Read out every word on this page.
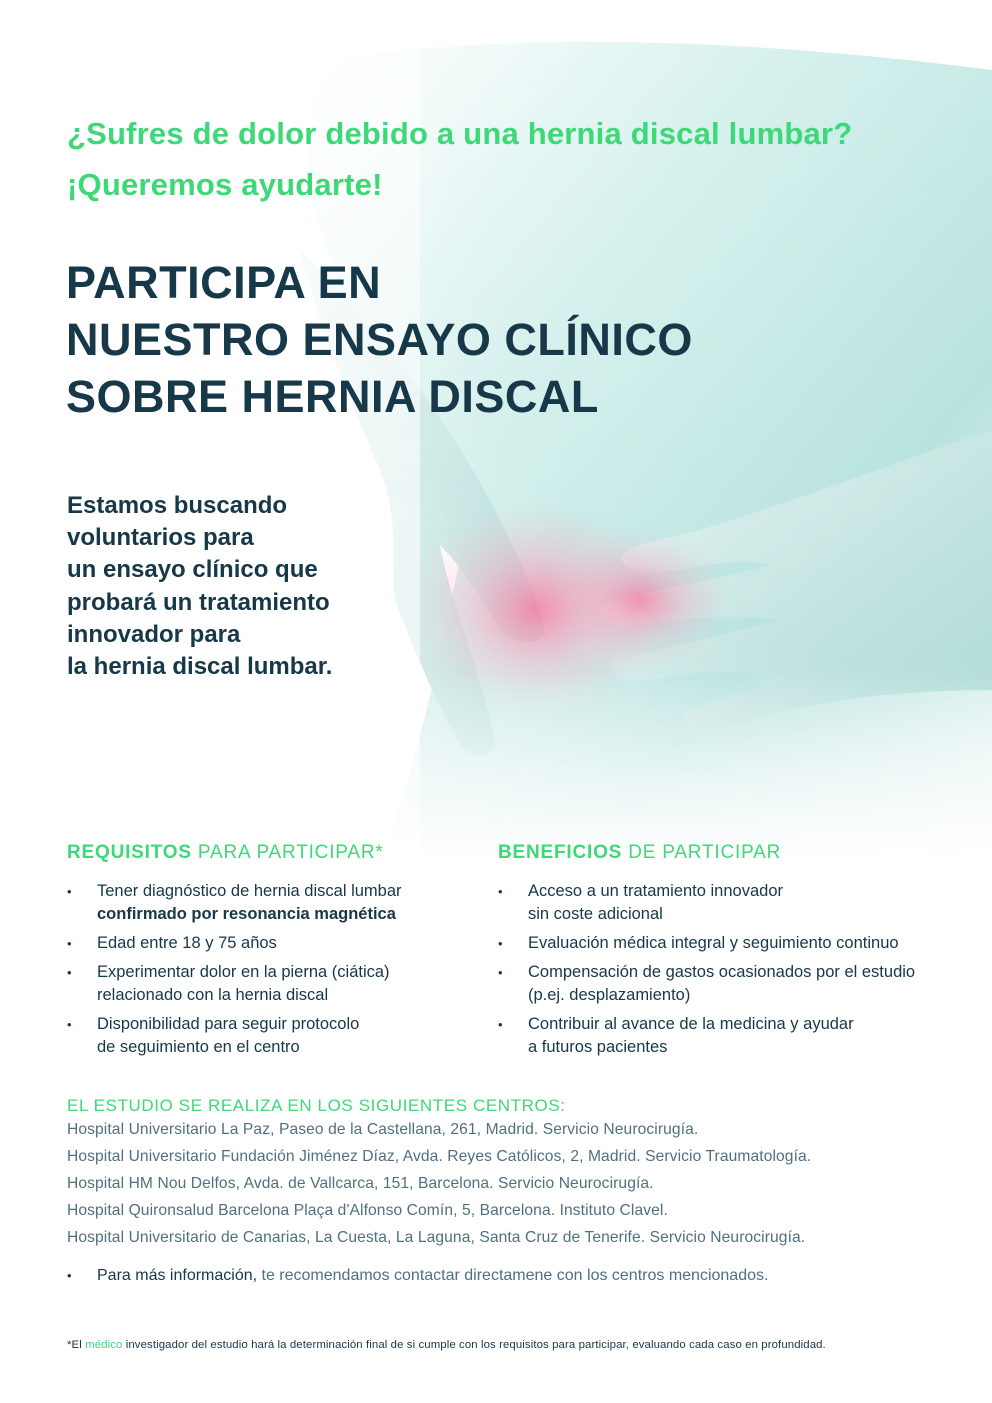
¿Sufres de dolor debido a una hernia discal lumbar?
¡Queremos ayudarte!
PARTICIPA EN
NUESTRO ENSAYO CLÍNICO
SOBRE HERNIA DISCAL
Estamos buscando
voluntarios para
un ensayo clínico que
probará un tratamiento
innovador para
la hernia discal lumbar.
REQUISITOS PARA PARTICIPAR*
• Tener diagnóstico de hernia discal lumbar
confirmado por resonancia magnética
• Edad entre 18 y 75 años
• Experimentar dolor en la pierna (ciática)
relacionado con la hernia discal
• Disponibilidad para seguir protocolo
de seguimiento en el centro
BENEFICIOS DE PARTICIPAR
• Acceso a un tratamiento innovador
sin coste adicional
• Evaluación médica integral y seguimiento continuo
• Compensación de gastos ocasionados por el estudio
(p.ej. desplazamiento)
• Contribuir al avance de la medicina y ayudar
a futuros pacientes
EL ESTUDIO SE REALIZA EN LOS SIGUIENTES CENTROS:
Hospital Universitario La Paz, Paseo de la Castellana, 261, Madrid. Servicio Neurocirugía.
Hospital Universitario Fundación Jiménez Díaz, Avda. Reyes Católicos, 2, Madrid. Servicio Traumatología.
Hospital HM Nou Delfos, Avda. de Vallcarca, 151, Barcelona. Servicio Neurocirugía.
Hospital Quironsalud Barcelona Plaça d'Alfonso Comín, 5, Barcelona. Instituto Clavel.
Hospital Universitario de Canarias, La Cuesta, La Laguna, Santa Cruz de Tenerife. Servicio Neurocirugía.
• Para más información, te recomendamos contactar directamene con los centros mencionados.
*El médico investigador del estudio hará la determinación final de si cumple con los requisitos para participar, evaluando cada caso en profundidad.
